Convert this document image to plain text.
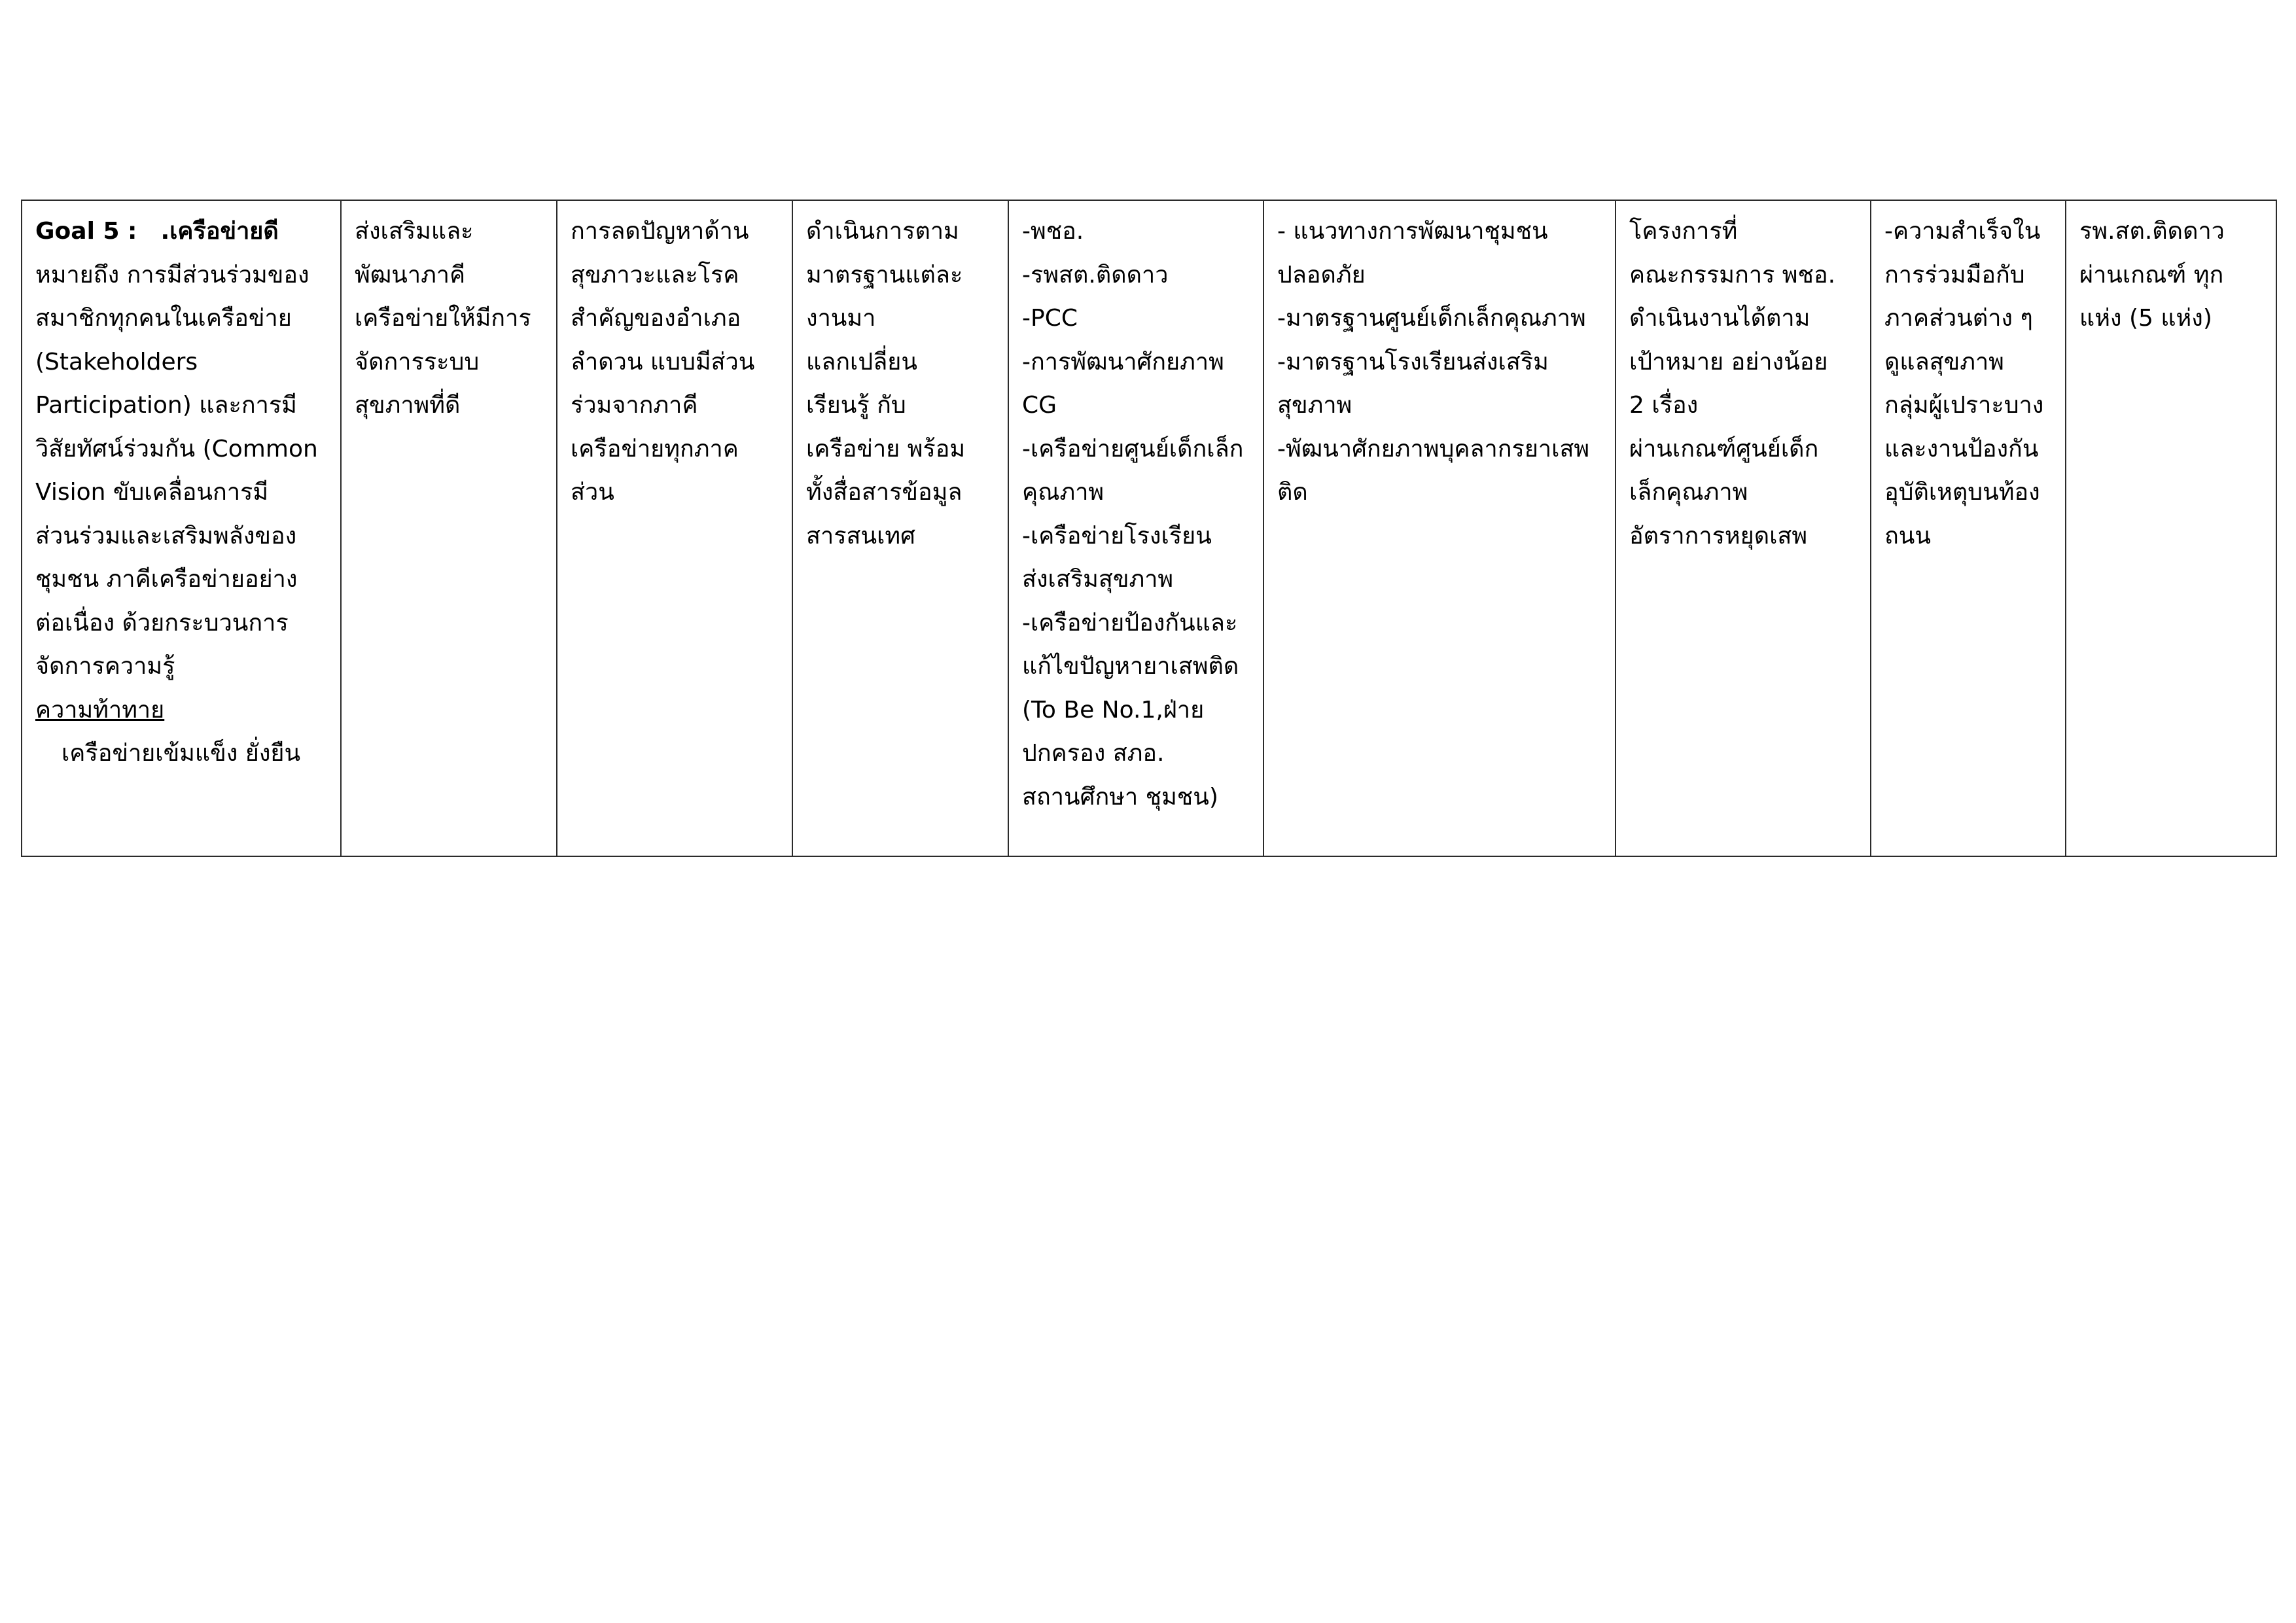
Goal 5 : .เครือข่ายดี
หมายถึง การมีส่วนร่วมของ
สมาชิกทุกคนในเครือข่าย
(Stakeholders
Participation) และการมี
วิสัยทัศน์ร่วมกัน (Common
Vision ขับเคลื่อนการมี
ส่วนร่วมและเสริมพลังของ
ชุมชน ภาคีเครือข่ายอย่าง
ต่อเนื่อง ด้วยกระบวนการ
จัดการความรู้
ความท้าทาย
เครือข่ายเข้มแข็ง ยั่งยืน

ส่งเสริมและ
พัฒนาภาคี
เครือข่ายให้มีการ
จัดการระบบ
สุขภาพที่ดี

การลดปัญหาด้าน
สุขภาวะและโรค
สำคัญของอำเภอ
ลำดวน แบบมีส่วน
ร่วมจากภาคี
เครือข่ายทุกภาค
ส่วน

ดำเนินการตาม
มาตรฐานแต่ละ
งานมา
แลกเปลี่ยน
เรียนรู้ กับ
เครือข่าย พร้อม
ทั้งสื่อสารข้อมูล
สารสนเทศ

-พชอ.
-รพสต.ติดดาว
-PCC
-การพัฒนาศักยภาพ
CG
-เครือข่ายศูนย์เด็กเล็ก
คุณภาพ
-เครือข่ายโรงเรียน
ส่งเสริมสุขภาพ
-เครือข่ายป้องกันและ
แก้ไขปัญหายาเสพติด
(To Be No.1,ฝ่าย
ปกครอง สภอ.
สถานศึกษา ชุมชน)

- แนวทางการพัฒนาชุมชน
ปลอดภัย
-มาตรฐานศูนย์เด็กเล็กคุณภาพ
-มาตรฐานโรงเรียนส่งเสริม
สุขภาพ
-พัฒนาศักยภาพบุคลากรยาเสพ
ติด

โครงการที่
คณะกรรมการ พชอ.
ดำเนินงานได้ตาม
เป้าหมาย อย่างน้อย
2 เรื่อง
ผ่านเกณฑ์ศูนย์เด็ก
เล็กคุณภาพ
อัตราการหยุดเสพ

-ความสำเร็จใน
การร่วมมือกับ
ภาคส่วนต่าง ๆ
ดูแลสุขภาพ
กลุ่มผู้เปราะบาง
และงานป้องกัน
อุบัติเหตุบนท้อง
ถนน

รพ.สต.ติดดาว
ผ่านเกณฑ์ ทุก
แห่ง (5 แห่ง)
